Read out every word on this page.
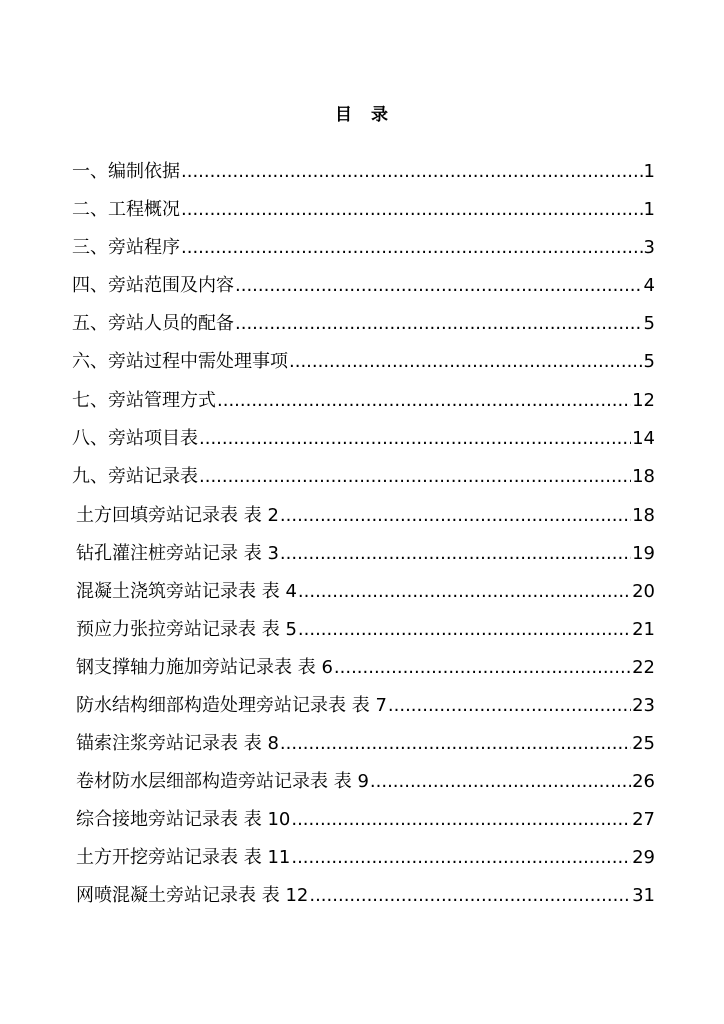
目 录
一、编制依据 .....	1
二、工程概况 .....	1
三、旁站程序 .....	3
四、旁站范围及内容 .....	4
五、旁站人员的配备 .....	5
六、旁站过程中需处理事项 .....	5
七、旁站管理方式 .....	12
八、旁站项目表 .....	14
九、旁站记录表 .....	18
土方回填旁站记录表 表 2 .....	18
钻孔灌注桩旁站记录 表 3 .....	19
混凝土浇筑旁站记录表 表 4 .....	20
预应力张拉旁站记录表 表 5 .....	21
钢支撑轴力施加旁站记录表 表 6 .....	22
防水结构细部构造处理旁站记录表 表 7 .....	23
锚索注浆旁站记录表 表 8 .....	25
卷材防水层细部构造旁站记录表 表 9 .....	26
综合接地旁站记录表 表 10 .....	27
土方开挖旁站记录表 表 11 .....	29
网喷混凝土旁站记录表 表 12 .....	31
